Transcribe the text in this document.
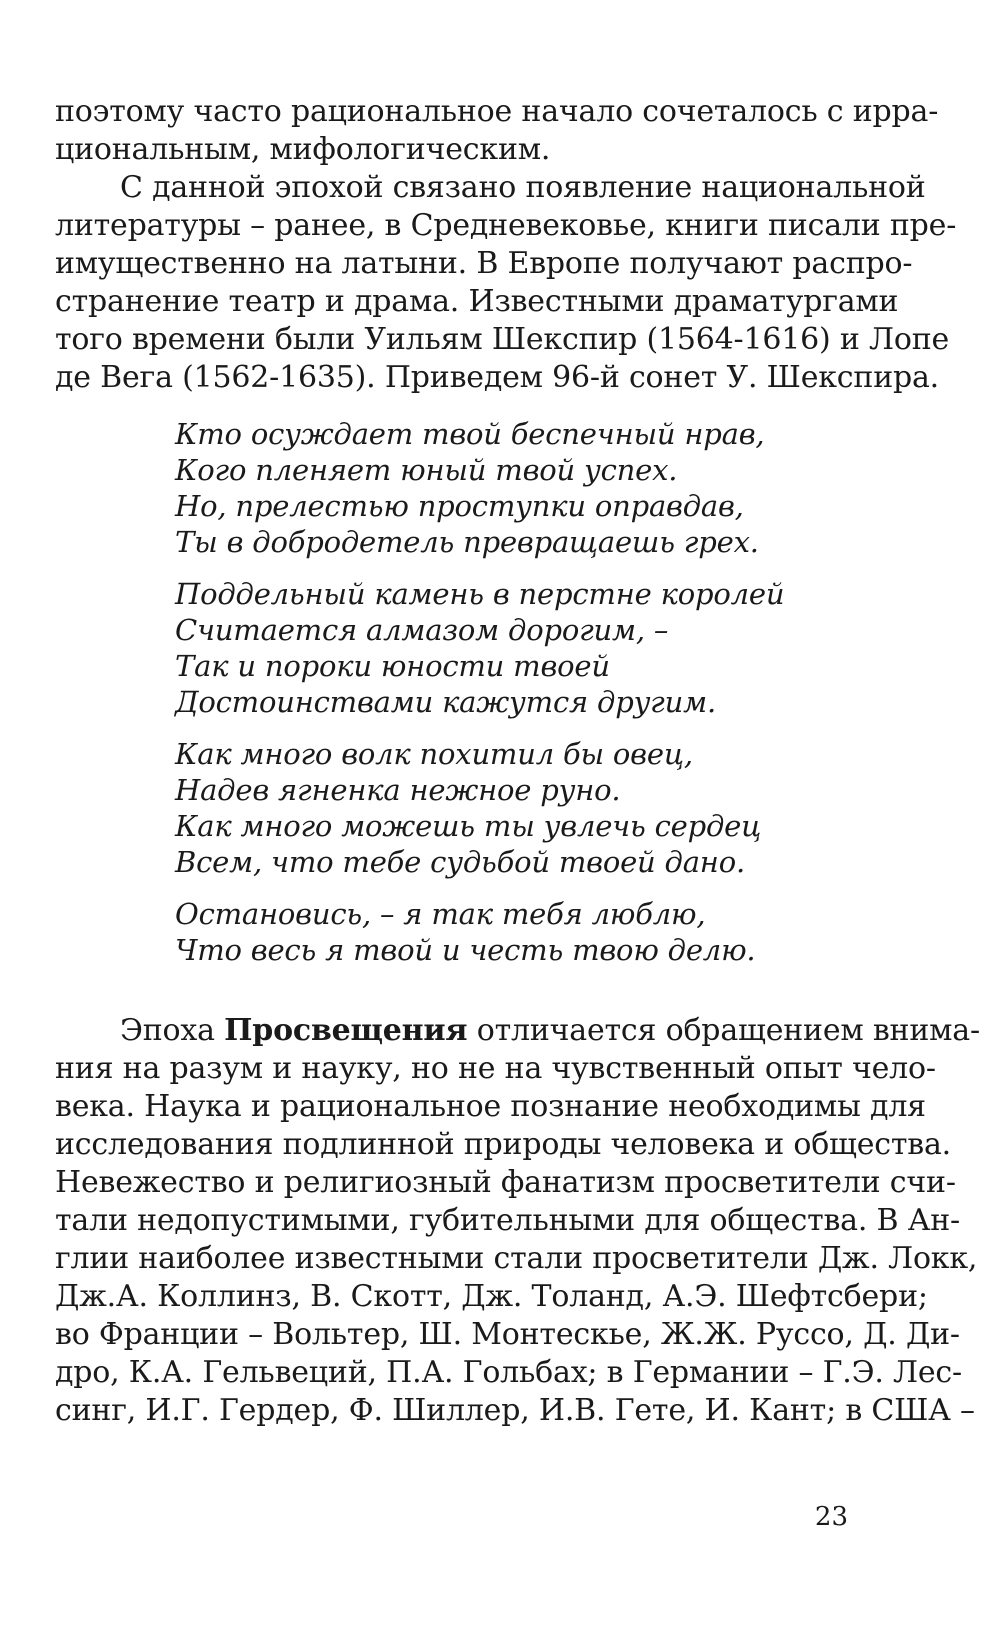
поэтому часто рациональное начало сочеталось с ирра-
циональным, мифологическим.
С данной эпохой связано появление национальной
литературы – ранее, в Средневековье, книги писали пре-
имущественно на латыни. В Европе получают распро-
странение театр и драма. Известными драматургами
того времени были Уильям Шекспир (1564-1616) и Лопе
де Вега (1562-1635). Приведем 96-й сонет У. Шекспира.
Кто осуждает твой беспечный нрав,
Кого пленяет юный твой успех.
Но, прелестью проступки оправдав,
Ты в добродетель превращаешь грех.
Поддельный камень в перстне королей
Считается алмазом дорогим, –
Так и пороки юности твоей
Достоинствами кажутся другим.
Как много волк похитил бы овец,
Надев ягненка нежное руно.
Как много можешь ты увлечь сердец
Всем, что тебе судьбой твоей дано.
Остановись, – я так тебя люблю,
Что весь я твой и честь твою делю.
Эпоха Просвещения отличается обращением внима-
ния на разум и науку, но не на чувственный опыт чело-
века. Наука и рациональное познание необходимы для
исследования подлинной природы человека и общества.
Невежество и религиозный фанатизм просветители счи-
тали недопустимыми, губительными для общества. В Ан-
глии наиболее известными стали просветители Дж. Локк,
Дж.А. Коллинз, В. Скотт, Дж. Толанд, А.Э. Шефтсбери;
во Франции – Вольтер, Ш. Монтескье, Ж.Ж. Руссо, Д. Ди-
дро, К.А. Гельвеций, П.А. Гольбах; в Германии – Г.Э. Лес-
синг, И.Г. Гердер, Ф. Шиллер, И.В. Гете, И. Кант; в США –
23
